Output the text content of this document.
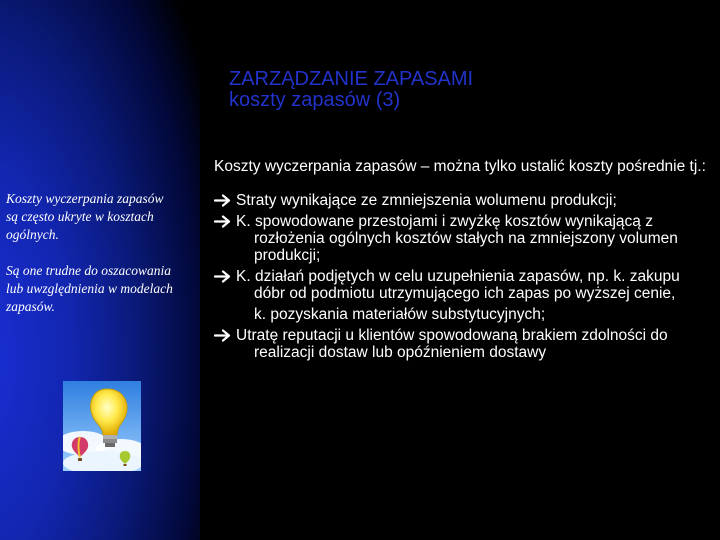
ZARZĄDZANIE ZAPASAMI
koszty zapasów (3)

Koszty wyczerpania zapasów są często ukryte w kosztach ogólnych.

Są one trudne do oszacowania lub uwzględnienia w modelach zapasów.

Koszty wyczerpania zapasów – można tylko ustalić koszty pośrednie tj.:

Straty wynikające ze zmniejszenia wolumenu produkcji;
K. spowodowane przestojami i zwyżkę kosztów wynikającą z rozłożenia ogólnych kosztów stałych na zmniejszony volumen produkcji;
K. działań podjętych w celu uzupełnienia zapasów, np. k. zakupu dóbr od podmiotu utrzymującego ich zapas po wyższej cenie,
k. pozyskania materiałów substytucyjnych;
Utratę reputacji u klientów spowodowaną brakiem zdolności do realizacji dostaw lub opóźnieniem dostawy
